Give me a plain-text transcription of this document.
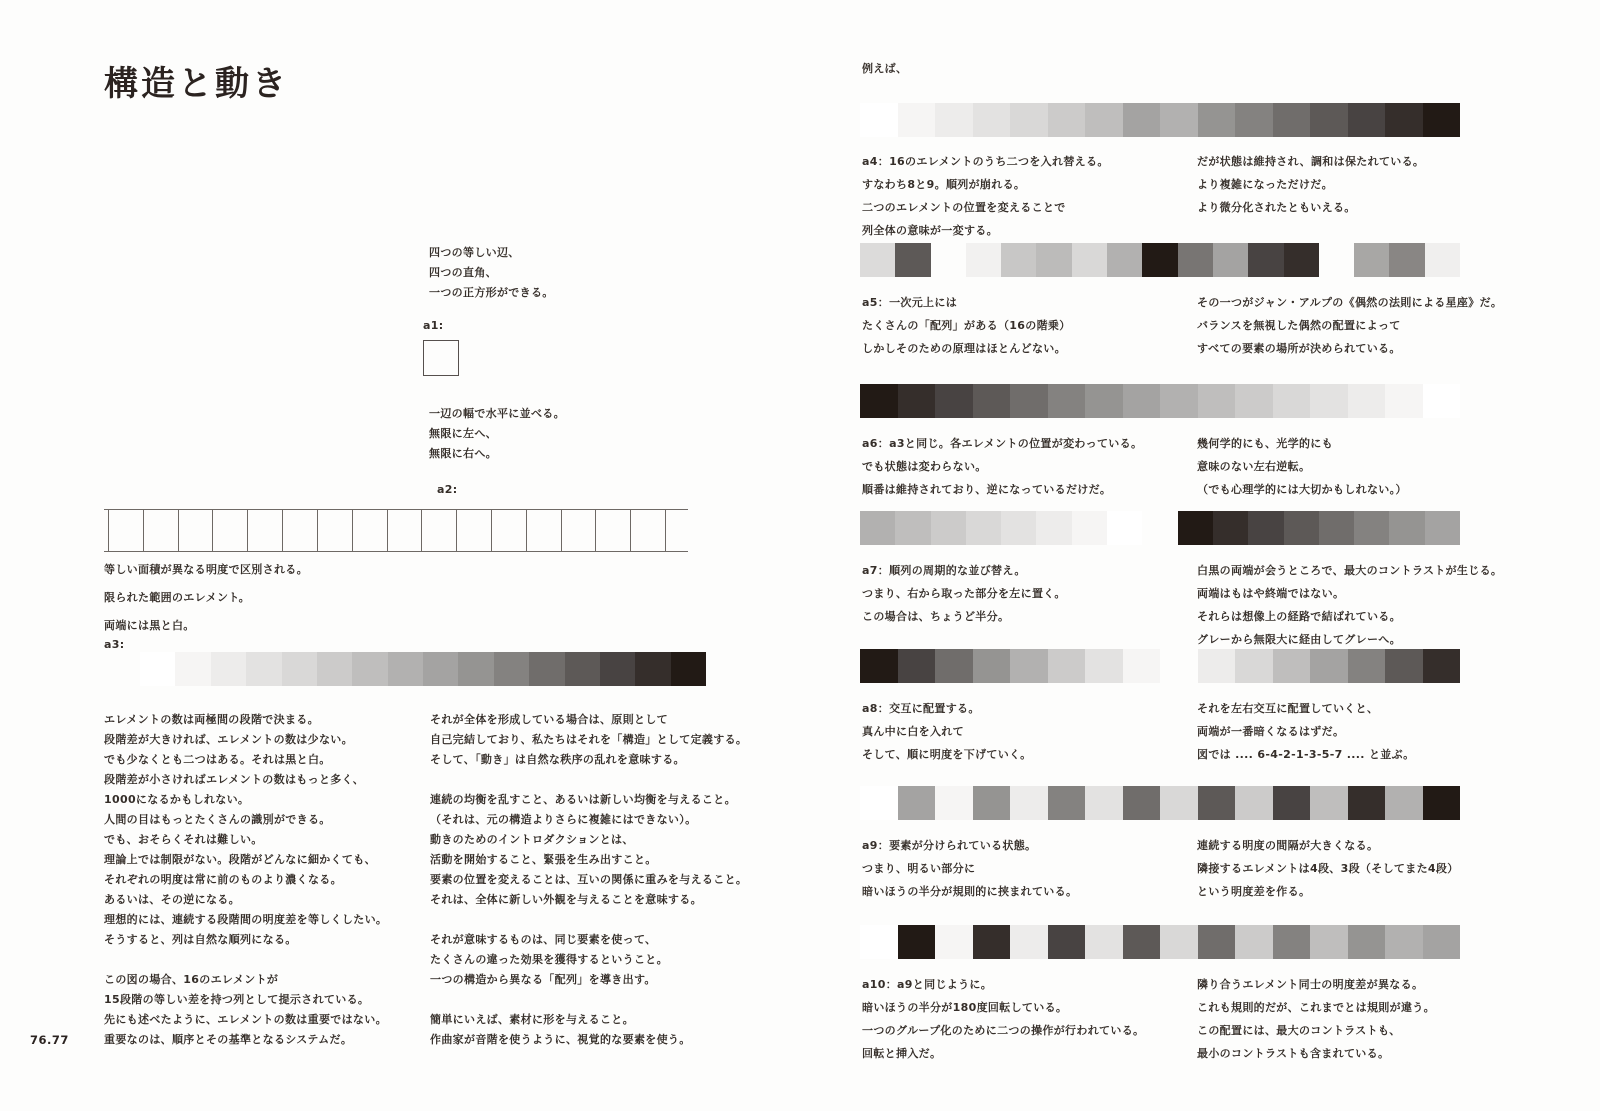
構造と動き
四つの等しい辺、
四つの直角、
一つの正方形ができる。
a1:
一辺の幅で水平に並べる。
無限に左へ、
無限に右へ。
a2:
等しい面積が異なる明度で区別される。
限られた範囲のエレメント。
両端には黒と白。
a3:
エレメントの数は両極間の段階で決まる。
段階差が大きければ、エレメントの数は少ない。
でも少なくとも二つはある。それは黒と白。
段階差が小さければエレメントの数はもっと多く、
1000になるかもしれない。
人間の目はもっとたくさんの識別ができる。
でも、おそらくそれは難しい。
理論上では制限がない。段階がどんなに細かくても、
それぞれの明度は常に前のものより濃くなる。
あるいは、その逆になる。
理想的には、連続する段階間の明度差を等しくしたい。
そうすると、列は自然な順列になる。
この図の場合、16のエレメントが
15段階の等しい差を持つ列として提示されている。
先にも述べたように、エレメントの数は重要ではない。
重要なのは、順序とその基準となるシステムだ。
それが全体を形成している場合は、原則として
自己完結しており、私たちはそれを「構造」として定義する。
そして、「動き」は自然な秩序の乱れを意味する。
連続の均衡を乱すこと、あるいは新しい均衡を与えること。
（それは、元の構造よりさらに複雑にはできない）。
動きのためのイントロダクションとは、
活動を開始すること、緊張を生み出すこと。
要素の位置を変えることは、互いの関係に重みを与えること。
それは、全体に新しい外観を与えることを意味する。
それが意味するものは、同じ要素を使って、
たくさんの違った効果を獲得するということ。
一つの構造から異なる「配列」を導き出す。
簡単にいえば、素材に形を与えること。
作曲家が音階を使うように、視覚的な要素を使う。
76.77
例えば、
a4：16のエレメントのうち二つを入れ替える。
すなわち8と9。順列が崩れる。
二つのエレメントの位置を変えることで
列全体の意味が一変する。
だが状態は維持され、調和は保たれている。
より複雑になっただけだ。
より微分化されたともいえる。
a5：一次元上には
たくさんの「配列」がある（16の階乗）
しかしそのための原理はほとんどない。
その一つがジャン・アルプの《偶然の法則による星座》だ。
バランスを無視した偶然の配置によって
すべての要素の場所が決められている。
a6：a3と同じ。各エレメントの位置が変わっている。
でも状態は変わらない。
順番は維持されており、逆になっているだけだ。
幾何学的にも、光学的にも
意味のない左右逆転。
（でも心理学的には大切かもしれない。）
a7：順列の周期的な並び替え。
つまり、右から取った部分を左に置く。
この場合は、ちょうど半分。
白黒の両端が会うところで、最大のコントラストが生じる。
両端はもはや終端ではない。
それらは想像上の経路で結ばれている。
グレーから無限大に経由してグレーへ。
a8：交互に配置する。
真ん中に白を入れて
そして、順に明度を下げていく。
それを左右交互に配置していくと、
両端が一番暗くなるはずだ。
図では .... 6-4-2-1-3-5-7 .... と並ぶ。
a9：要素が分けられている状態。
つまり、明るい部分に
暗いほうの半分が規則的に挟まれている。
連続する明度の間隔が大きくなる。
隣接するエレメントは4段、3段（そしてまた4段）
という明度差を作る。
a10：a9と同じように。
暗いほうの半分が180度回転している。
一つのグループ化のために二つの操作が行われている。
回転と挿入だ。
隣り合うエレメント同士の明度差が異なる。
これも規則的だが、これまでとは規則が違う。
この配置には、最大のコントラストも、
最小のコントラストも含まれている。
